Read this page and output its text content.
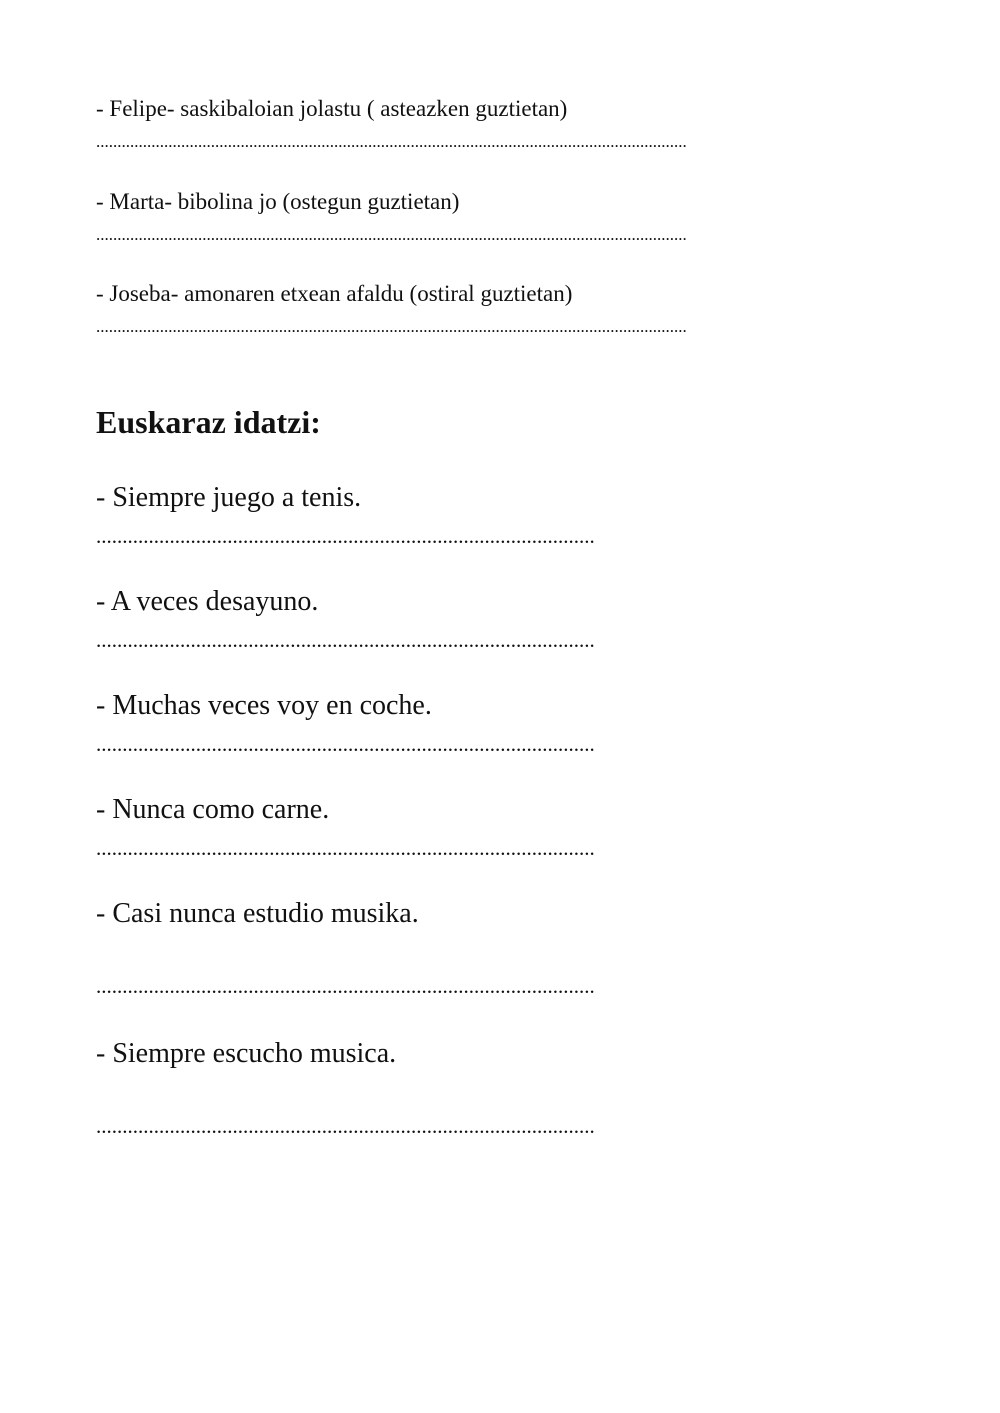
- Felipe- saskibaloian jolastu ( asteazken guztietan)

...........................................................................................................................................

- Marta- bibolina jo (ostegun guztietan)

...........................................................................................................................................

- Joseba- amonaren etxean afaldu (ostiral guztietan)

...........................................................................................................................................

Euskaraz idatzi:

- Siempre juego a tenis.

...............................................................................................

- A veces desayuno.

...............................................................................................

- Muchas veces voy en coche.

...............................................................................................

- Nunca como carne.

...............................................................................................

- Casi nunca estudio musika.

...............................................................................................

- Siempre escucho musica.

...............................................................................................
